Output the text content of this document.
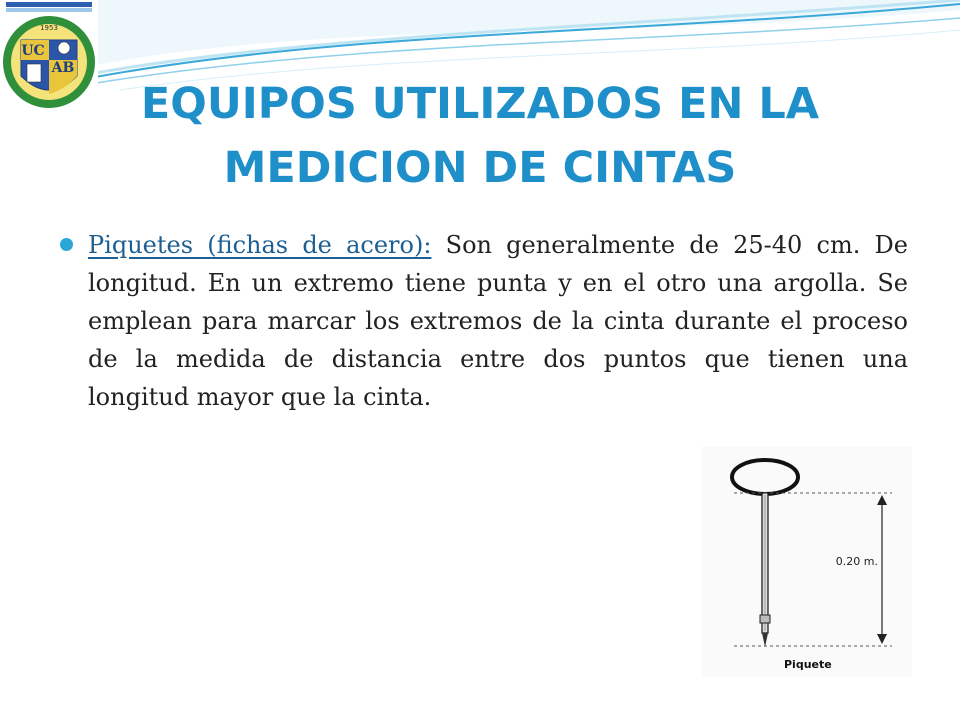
1953
UC
AB
EQUIPOS UTILIZADOS EN LA
MEDICION DE CINTAS
Piquetes (fichas de acero): Son generalmente de 25-40 cm. De longitud. En un extremo tiene punta y en el otro una argolla. Se emplean para marcar los extremos de la cinta durante el proceso de la medida de distancia entre dos puntos que tienen una longitud mayor que la cinta.
0.20 m.
Piquete
